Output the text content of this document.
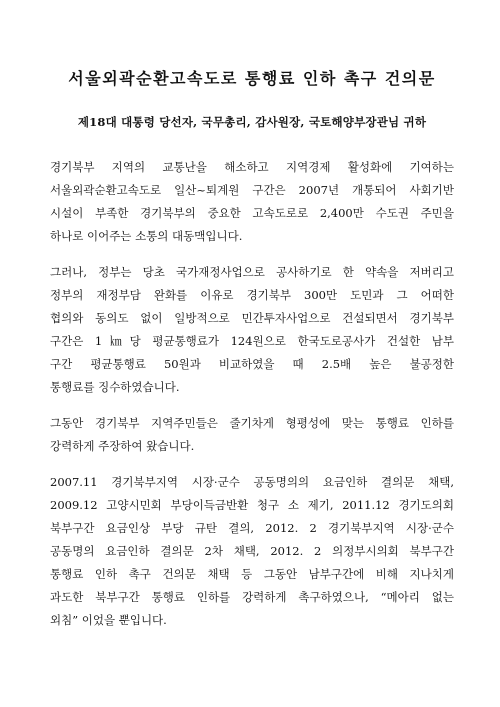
서울외곽순환고속도로 통행료 인하 촉구 건의문
제18대 대통령 당선자, 국무총리, 감사원장, 국토해양부장관님 귀하
경기북부 지역의 교통난을 해소하고 지역경제 활성화에 기여하는
서울외곽순환고속도로 일산~퇴계원 구간은 2007년 개통되어 사회기반
시설이 부족한 경기북부의 중요한 고속도로로 2,400만 수도권 주민을
하나로 이어주는 소통의 대동맥입니다.
그러나, 정부는 당초 국가재정사업으로 공사하기로 한 약속을 저버리고
정부의 재정부담 완화를 이유로 경기북부 300만 도민과 그 어떠한
협의와 동의도 없이 일방적으로 민간투자사업으로 건설되면서 경기북부
구간은 1㎞당 평균통행료가 124원으로 한국도로공사가 건설한 남부
구간 평균통행료 50원과 비교하였을 때 2.5배 높은 불공정한
통행료를 징수하였습니다.
그동안 경기북부 지역주민들은 줄기차게 형평성에 맞는 통행료 인하를
강력하게 주장하여 왔습니다.
2007.11 경기북부지역 시장·군수 공동명의의 요금인하 결의문 채택,
2009.12 고양시민회 부당이득금반환 청구 소 제기, 2011.12 경기도의회
북부구간 요금인상 부당 규탄 결의, 2012. 2 경기북부지역 시장·군수
공동명의 요금인하 결의문 2차 채택, 2012. 2 의정부시의회 북부구간
통행료 인하 촉구 건의문 채택 등 그동안 남부구간에 비해 지나치게
과도한 북부구간 통행료 인하를 강력하게 촉구하였으나, “메아리 없는
외침” 이었을 뿐입니다.
